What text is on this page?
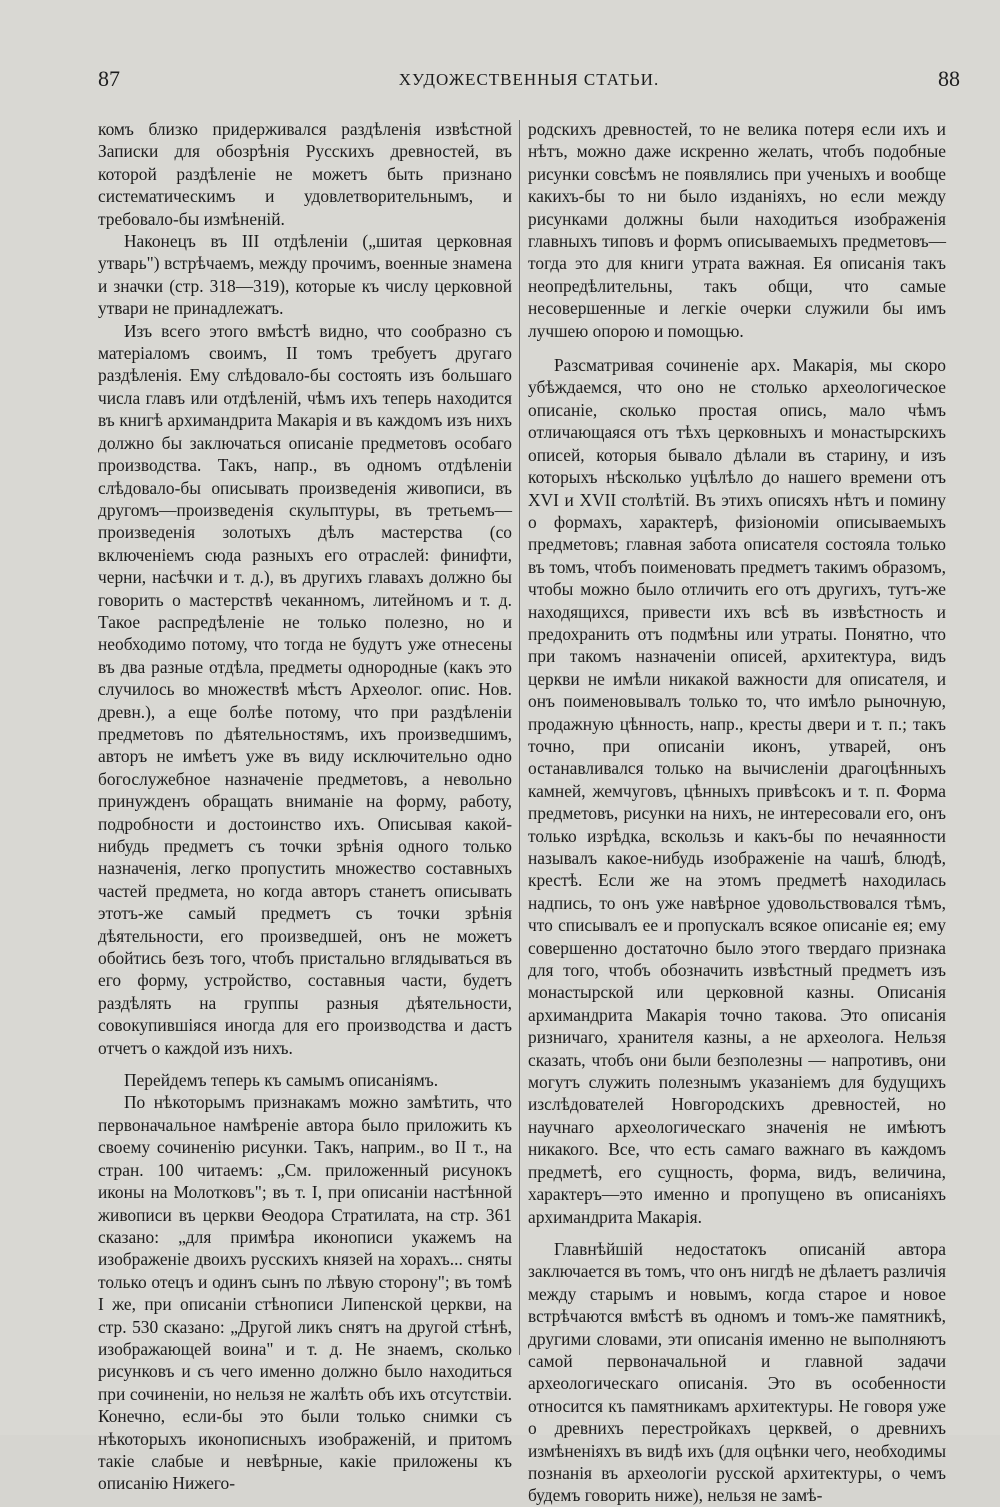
87	ХУДОЖЕСТВЕННЫЯ СТАТЬИ.	88

комъ близко придерживался раздѣленія извѣстной Записки для обозрѣнія Русскихъ древностей, въ которой раздѣленіе не можетъ быть признано систематическимъ и удовлетворительнымъ, и требовало-бы измѣненій.

Наконецъ въ III отдѣленіи („шитая церковная утварь") встрѣчаемъ, между прочимъ, военные знамена и значки (стр. 318—319), которые къ числу церковной утвари не принадлежатъ.

Изъ всего этого вмѣстѣ видно, что сообразно съ матеріаломъ своимъ, II томъ требуетъ другаго раздѣленія. Ему слѣдовало-бы состоять изъ большаго числа главъ или отдѣленій, чѣмъ ихъ теперь находится въ книгѣ архимандрита Макарія и въ каждомъ изъ нихъ должно бы заключаться описаніе предметовъ особаго производства. Такъ, напр., въ одномъ отдѣленіи слѣдовало-бы описывать произведенія живописи, въ другомъ—произведенія скульптуры, въ третьемъ—произведенія золотыхъ дѣлъ мастерства (со включеніемъ сюда разныхъ его отраслей: финифти, черни, насѣчки и т. д.), въ другихъ главахъ должно бы говорить о мастерствѣ чеканномъ, литейномъ и т. д. Такое распредѣленіе не только полезно, но и необходимо потому, что тогда не будутъ уже отнесены въ два разные отдѣла, предметы однородные (какъ это случилось во множествѣ мѣстъ Археолог. опис. Нов. древн.), а еще болѣе потому, что при раздѣленіи предметовъ по дѣятельностямъ, ихъ произведшимъ, авторъ не имѣетъ уже въ виду исключительно одно богослужебное назначеніе предметовъ, а невольно принужденъ обращать вниманіе на форму, работу, подробности и достоинство ихъ. Описывая какой-нибудь предметъ съ точки зрѣнія одного только назначенія, легко пропустить множество составныхъ частей предмета, но когда авторъ станетъ описывать этотъ-же самый предметъ съ точки зрѣнія дѣятельности, его произведшей, онъ не можетъ обойтись безъ того, чтобъ пристально вглядываться въ его форму, устройство, составныя части, будетъ раздѣлять на группы разныя дѣятельности, совокупившіяся иногда для его производства и дастъ отчетъ о каждой изъ нихъ.

Перейдемъ теперь къ самымъ описаніямъ.

По нѣкоторымъ признакамъ можно замѣтить, что первоначальное намѣреніе автора было приложить къ своему сочиненію рисунки. Такъ, наприм., во II т., на стран. 100 читаемъ: „См. приложенный рисунокъ иконы на Молотковъ"; въ т. I, при описаніи настѣнной живописи въ церкви Ѳеодора Стратилата, на стр. 361 сказано: „для примѣра иконописи укажемъ на изображеніе двоихъ русскихъ князей на хорахъ... сняты только отецъ и одинъ сынъ по лѣвую сторону"; въ томѣ I же, при описаніи стѣнописи Липенской церкви, на стр. 530 сказано: „Другой ликъ снятъ на другой стѣнѣ, изображающей воина" и т. д. Не знаемъ, сколько рисунковъ и съ чего именно должно было находиться при сочиненіи, но нельзя не жалѣть объ ихъ отсутствіи. Конечно, если-бы это были только снимки съ нѣкоторыхъ иконописныхъ изображеній, и притомъ такіе слабые и невѣрные, какіе приложены къ описанію Нижего-

родскихъ древностей, то не велика потеря если ихъ и нѣтъ, можно даже искренно желать, чтобъ подобные рисунки совсѣмъ не появлялись при ученыхъ и вообще какихъ-бы то ни было изданіяхъ, но если между рисунками должны были находиться изображенія главныхъ типовъ и формъ описываемыхъ предметовъ—тогда это для книги утрата важная. Ея описанія такъ неопредѣлительны, такъ общи, что самые несовершенные и легкіе очерки служили бы имъ лучшею опорою и помощью.

Разсматривая сочиненіе арх. Макарія, мы скоро убѣждаемся, что оно не столько археологическое описаніе, сколько простая опись, мало чѣмъ отличающаяся отъ тѣхъ церковныхъ и монастырскихъ описей, которыя бывало дѣлали въ старину, и изъ которыхъ нѣсколько уцѣлѣло до нашего времени отъ XVI и XVII столѣтій. Въ этихъ описяхъ нѣтъ и помину о формахъ, характерѣ, физіономіи описываемыхъ предметовъ; главная забота описателя состояла только въ томъ, чтобъ поименовать предметъ такимъ образомъ, чтобы можно было отличить его отъ другихъ, тутъ-же находящихся, привести ихъ всѣ въ извѣстность и предохранить отъ подмѣны или утраты. Понятно, что при такомъ назначеніи описей, архитектура, видъ церкви не имѣли никакой важности для описателя, и онъ поименовывалъ только то, что имѣло рыночную, продажную цѣнность, напр., кресты двери и т. п.; такъ точно, при описаніи иконъ, утварей, онъ останавливался только на вычисленіи драгоцѣнныхъ камней, жемчуговъ, цѣнныхъ привѣсокъ и т. п. Форма предметовъ, рисунки на нихъ, не интересовали его, онъ только изрѣдка, вскользь и какъ-бы по нечаянности называлъ какое-нибудь изображеніе на чашѣ, блюдѣ, крестѣ. Если же на этомъ предметѣ находилась надпись, то онъ уже навѣрное удовольствовался тѣмъ, что списывалъ ее и пропускалъ всякое описаніе ея; ему совершенно достаточно было этого твердаго признака для того, чтобъ обозначить извѣстный предметъ изъ монастырской или церковной казны. Описанія архимандрита Макарія точно такова. Это описанія ризничаго, хранителя казны, а не археолога. Нельзя сказать, чтобъ они были безполезны — напротивъ, они могутъ служить полезнымъ указаніемъ для будущихъ изслѣдователей Новгородскихъ древностей, но научнаго археологическаго значенія не имѣютъ никакого. Все, что есть самаго важнаго въ каждомъ предметѣ, его сущность, форма, видъ, величина, характеръ—это именно и пропущено въ описаніяхъ архимандрита Макарія.

Главнѣйшій недостатокъ описаній автора заключается въ томъ, что онъ нигдѣ не дѣлаетъ различія между старымъ и новымъ, когда старое и новое встрѣчаются вмѣстѣ въ одномъ и томъ-же памятникѣ, другими словами, эти описанія именно не выполняютъ самой первоначальной и главной задачи археологическаго описанія. Это въ особенности относится къ памятникамъ архитектуры. Не говоря уже о древнихъ перестройкахъ церквей, о древнихъ измѣненіяхъ въ видѣ ихъ (для оцѣнки чего, необходимы познанія въ археологіи русской архитектуры, о чемъ будемъ говорить ниже), нельзя не замѣ-
